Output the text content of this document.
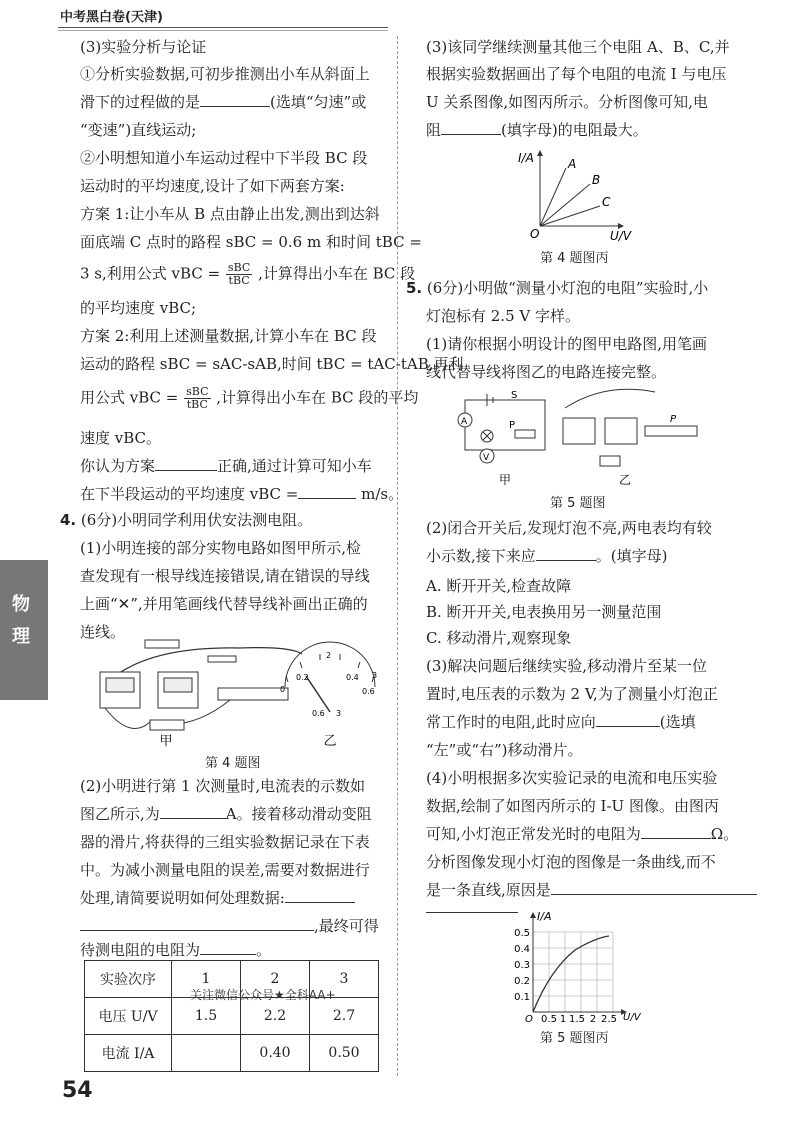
中考黑白卷(天津)
物
理
(3)实验分析与论证
①分析实验数据,可初步推测出小车从斜面上
滑下的过程做的是	(选填“匀速”或
“变速”)直线运动;
②小明想知道小车运动过程中下半段 BC 段
运动时的平均速度,设计了如下两套方案:
方案 1:让小车从 B 点由静止出发,测出到达斜
面底端 C 点时的路程 sBC = 0.6 m 和时间 tBC =
3 s,利用公式 vBC = $\frac{\text{sBC}}{\text{tBC}}$ ,计算得出小车在 BC 段
的平均速度 vBC;
方案 2:利用上述测量数据,计算小车在 BC 段
运动的路程 sBC = sAC-sAB,时间 tBC = tAC-tAB,再利
用公式 vBC = $\frac{\text{sBC}}{\text{tBC}}$ ,计算得出小车在 BC 段的平均
速度 vBC。
你认为方案	正确,通过计算可知小车
在下半段运动的平均速度 vBC =	m/s。
4. (6分)小明同学利用伏安法测电阻。
(1)小明连接的部分实物电路如图甲所示,检
查发现有一根导线连接错误,请在错误的导线
上画“✕”,并用笔画线代替导线补画出正确的
连线。
甲
0
0.2
2
0.4
0.6
3
0.6 3
乙
第 4 题图
(2)小明进行第 1 次测量时,电流表的示数如
图乙所示,为	A。接着移动滑动变阻
器的滑片,将获得的三组实验数据记录在下表
中。为减小测量电阻的误差,需要对数据进行
处理,请简要说明如何处理数据:
,最终可得
待测电阻的电阻为	。
实验次序	1	2	3
电压 U/V	1.5	2.2	2.7
电流 I/A		0.40	0.50
关注微信公众号★全科AA+
54
(3)该同学继续测量其他三个电阻 A、B、C,并
根据实验数据画出了每个电阻的电流 I 与电压
U 关系图像,如图丙所示。分析图像可知,电
阻	(填字母)的电阻最大。
I/A
U/V
O
A
B
C
第 4 题图丙
5. (6分)小明做“测量小灯泡的电阻”实验时,小
灯泡标有 2.5 V 字样。
(1)请你根据小明设计的图甲电路图,用笔画
线代替导线将图乙的电路连接完整。
A
V
P
S
P
甲	乙
第 5 题图
(2)闭合开关后,发现灯泡不亮,两电表均有较
小示数,接下来应	。(填字母)
A. 断开开关,检查故障
B. 断开开关,电表换用另一测量范围
C. 移动滑片,观察现象
(3)解决问题后继续实验,移动滑片至某一位
置时,电压表的示数为 2 V,为了测量小灯泡正
常工作时的电阻,此时应向	(选填
“左”或“右”)移动滑片。
(4)小明根据多次实验记录的电流和电压实验
数据,绘制了如图丙所示的 I-U 图像。由图丙
可知,小灯泡正常发光时的电阻为	Ω。
分析图像发现小灯泡的图像是一条曲线,而不
是一条直线,原因是
I/A
U/V
O
0.5
0.4
0.3
0.2
0.1
0.5 1 1.5 2 2.5
第 5 题图丙
